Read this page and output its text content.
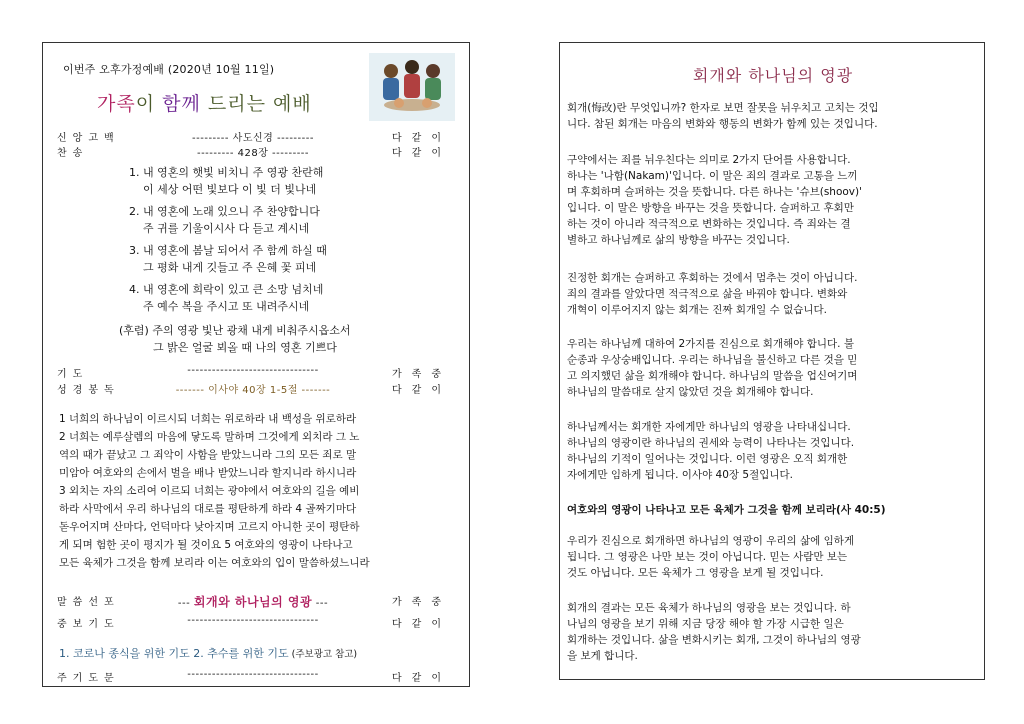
이번주 오후가정예배 (2020년 10월 11일)
가족이 함께 드리는 예배
신앙고백	--------- 사도신경 ---------	다같이
찬송	--------- 428장 ---------	다같이
1. 내 영혼의 햇빛 비치니 주 영광 찬란해
이 세상 어떤 빛보다 이 빛 더 빛나네
2. 내 영혼에 노래 있으니 주 찬양합니다
주 귀를 기울이시사 다 듣고 계시네
3. 내 영혼에 봄날 되어서 주 함께 하실 때
그 평화 내게 깃들고 주 은혜 꽃 피네
4. 내 영혼에 희락이 있고 큰 소망 넘치네
주 예수 복을 주시고 또 내려주시네
(후렴) 주의 영광 빛난 광채 내게 비춰주시옵소서
그 밝은 얼굴 뵈올 때 나의 영혼 기쁘다
기도	--------------------------------	가족중
성경봉독	------- 이사야 40장 1-5절 -------	다같이
1 너희의 하나님이 이르시되 너희는 위로하라 내 백성을 위로하라
2 너희는 예루살렘의 마음에 닿도록 말하며 그것에게 외치라 그 노
역의 때가 끝났고 그 죄악이 사함을 받았느니라 그의 모든 죄로 말
미암아 여호와의 손에서 벌을 배나 받았느니라 할지니라 하시니라
3 외치는 자의 소리여 이르되 너희는 광야에서 여호와의 길을 예비
하라 사막에서 우리 하나님의 대로를 평탄하게 하라 4 골짜기마다
돋우어지며 산마다, 언덕마다 낮아지며 고르지 아니한 곳이 평탄하
게 되며 험한 곳이 평지가 될 것이요 5 여호와의 영광이 나타나고
모든 육체가 그것을 함께 보리라 이는 여호와의 입이 말씀하셨느니라
말씀선포	--- 회개와 하나님의 영광 ---	가족중
중보기도	--------------------------------	다같이
1. 코로나 종식을 위한 기도 2. 추수를 위한 기도 (주보광고 참고)
주기도문	--------------------------------	다같이
회개와 하나님의 영광
회개(悔改)란 무엇입니까? 한자로 보면 잘못을 뉘우치고 고치는 것입
니다. 참된 회개는 마음의 변화와 행동의 변화가 함께 있는 것입니다.
구약에서는 죄를 뉘우친다는 의미로 2가지 단어를 사용합니다.
하나는 '나함(Nakam)'입니다. 이 말은 죄의 결과로 고통을 느끼
며 후회하며 슬퍼하는 것을 뜻합니다. 다른 하나는 '슈브(shoov)'
입니다. 이 말은 방향을 바꾸는 것을 뜻합니다. 슬퍼하고 후회만
하는 것이 아니라 적극적으로 변화하는 것입니다. 즉 죄와는 결
별하고 하나님께로 삶의 방향을 바꾸는 것입니다.
진정한 회개는 슬퍼하고 후회하는 것에서 멈추는 것이 아닙니다.
죄의 결과를 알았다면 적극적으로 삶을 바꿔야 합니다. 변화와
개혁이 이루어지지 않는 회개는 진짜 회개일 수 없습니다.
우리는 하나님께 대하여 2가지를 진심으로 회개해야 합니다. 불
순종과 우상숭배입니다. 우리는 하나님을 불신하고 다른 것을 믿
고 의지했던 삶을 회개해야 합니다. 하나님의 말씀을 업신여기며
하나님의 말씀대로 살지 않았던 것을 회개해야 합니다.
하나님께서는 회개한 자에게만 하나님의 영광을 나타내십니다.
하나님의 영광이란 하나님의 권세와 능력이 나타나는 것입니다.
하나님의 기적이 일어나는 것입니다. 이런 영광은 오직 회개한
자에게만 임하게 됩니다. 이사야 40장 5절입니다.
여호와의 영광이 나타나고 모든 육체가 그것을 함께 보리라(사 40:5)
우리가 진심으로 회개하면 하나님의 영광이 우리의 삶에 임하게
됩니다. 그 영광은 나만 보는 것이 아닙니다. 믿는 사람만 보는
것도 아닙니다. 모든 육체가 그 영광을 보게 될 것입니다.
회개의 결과는 모든 육체가 하나님의 영광을 보는 것입니다. 하
나님의 영광을 보기 위해 지금 당장 해야 할 가장 시급한 일은
회개하는 것입니다. 삶을 변화시키는 회개, 그것이 하나님의 영광
을 보게 합니다.
